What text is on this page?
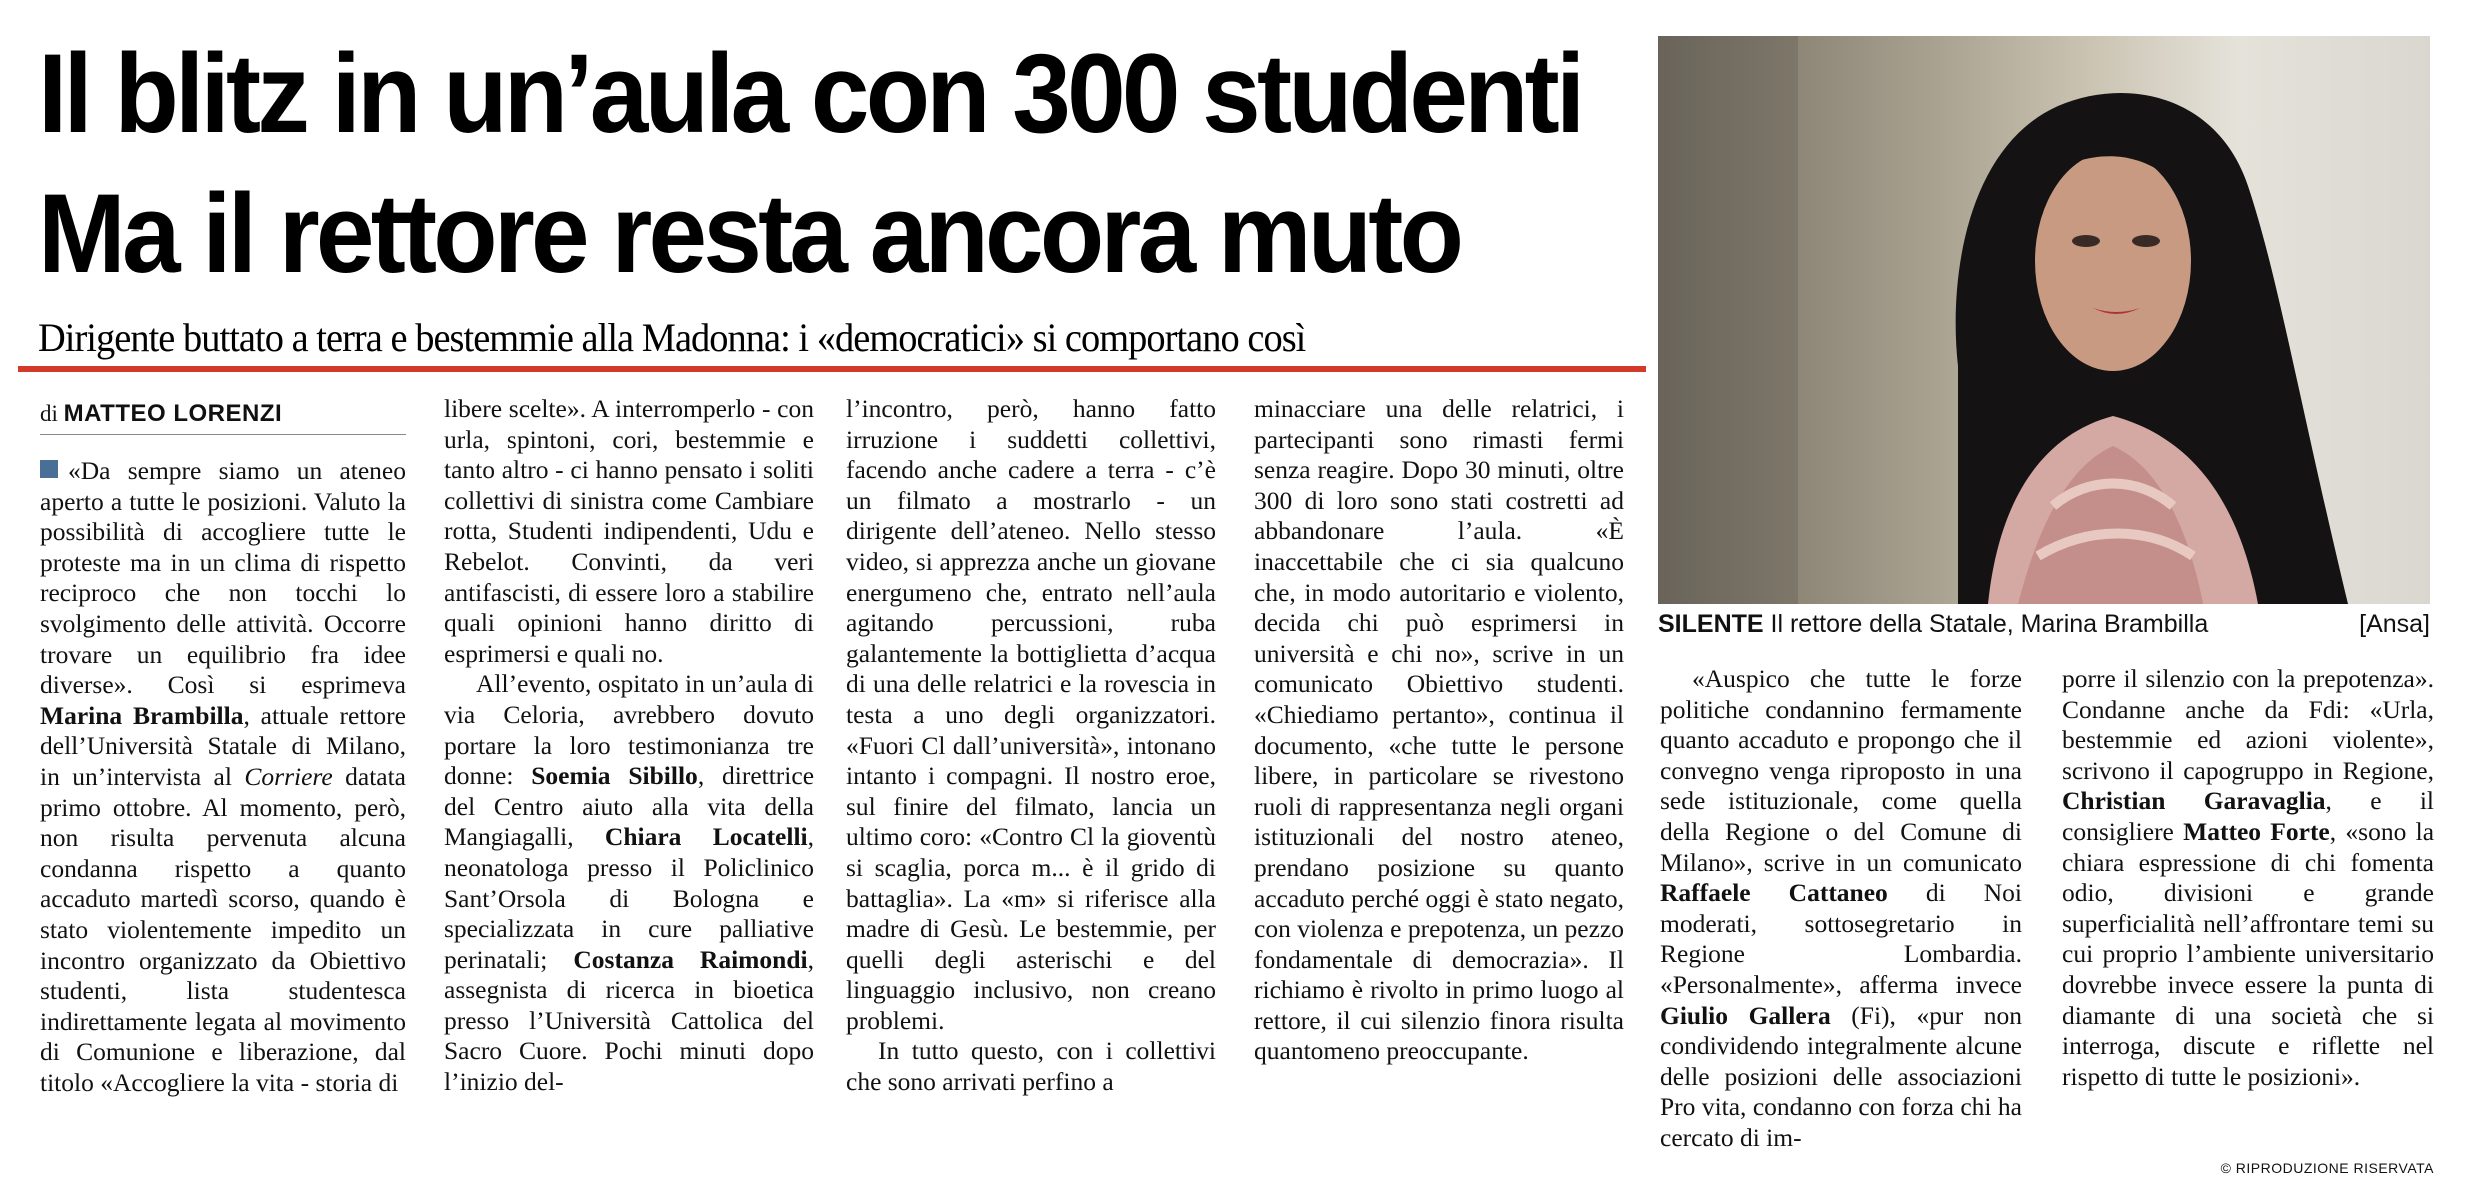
Il blitz in un’aula con 300 studenti
Ma il rettore resta ancora muto
Dirigente buttato a terra e bestemmie alla Madonna: i «democratici» si comportano così
di MATTEO LORENZI

«Da sempre siamo un ateneo aperto a tutte le posizioni. Valuto la possibilità di accogliere tutte le proteste ma in un clima di rispetto reciproco che non tocchi lo svolgimento delle attività. Occorre trovare un equilibrio fra idee diverse». Così si esprimeva Marina Brambilla, attuale rettore dell’Università Statale di Milano, in un’intervista al Corriere datata primo ottobre. Al momento, però, non risulta pervenuta alcuna condanna rispetto a quanto accaduto martedì scorso, quando è stato violentemente impedito un incontro organizzato da Obiettivo studenti, lista studentesca indirettamente legata al movimento di Comunione e liberazione, dal titolo «Accogliere la vita - storia di

libere scelte». A interromperlo - con urla, spintoni, cori, bestemmie e tanto altro - ci hanno pensato i soliti collettivi di sinistra come Cambiare rotta, Studenti indipendenti, Udu e Rebelot. Convinti, da veri antifascisti, di essere loro a stabilire quali opinioni hanno diritto di esprimersi e quali no.

All’evento, ospitato in un’aula di via Celoria, avrebbero dovuto portare la loro testimonianza tre donne: Soemia Sibillo, direttrice del Centro aiuto alla vita della Mangiagalli, Chiara Locatelli, neonatologa presso il Policlinico Sant’Orsola di Bologna e specializzata in cure palliative perinatali; Costanza Raimondi, assegnista di ricerca in bioetica presso l’Università Cattolica del Sacro Cuore. Pochi minuti dopo l’inizio del-

l’incontro, però, hanno fatto irruzione i suddetti collettivi, facendo anche cadere a terra - c’è un filmato a mostrarlo - un dirigente dell’ateneo. Nello stesso video, si apprezza anche un giovane energumeno che, entrato nell’aula agitando percussioni, ruba galantemente la bottiglietta d’acqua di una delle relatrici e la rovescia in testa a uno degli organizzatori. «Fuori Cl dall’università», intonano intanto i compagni. Il nostro eroe, sul finire del filmato, lancia un ultimo coro: «Contro Cl la gioventù si scaglia, porca m... è il grido di battaglia». La «m» si riferisce alla madre di Gesù. Le bestemmie, per quelli degli asterischi e del linguaggio inclusivo, non creano problemi.

In tutto questo, con i collettivi che sono arrivati perfino a

minacciare una delle relatrici, i partecipanti sono rimasti fermi senza reagire. Dopo 30 minuti, oltre 300 di loro sono stati costretti ad abbandonare l’aula. «È inaccettabile che ci sia qualcuno che, in modo autoritario e violento, decida chi può esprimersi in università e chi no», scrive in un comunicato Obiettivo studenti. «Chiediamo pertanto», continua il documento, «che tutte le persone libere, in particolare se rivestono ruoli di rappresentanza negli organi istituzionali del nostro ateneo, prendano posizione su quanto accaduto perché oggi è stato negato, con violenza e prepotenza, un pezzo fondamentale di democrazia». Il richiamo è rivolto in primo luogo al rettore, il cui silenzio finora risulta quantomeno preoccupante.

SILENTE Il rettore della Statale, Marina Brambilla	[Ansa]

«Auspico che tutte le forze politiche condannino fermamente quanto accaduto e propongo che il convegno venga riproposto in una sede istituzionale, come quella della Regione o del Comune di Milano», scrive in un comunicato Raffaele Cattaneo di Noi moderati, sottosegretario in Regione Lombardia. «Personalmente», afferma invece Giulio Gallera (Fi), «pur non condividendo integralmente alcune delle posizioni delle associazioni Pro vita, condanno con forza chi ha cercato di im-

porre il silenzio con la prepotenza». Condanne anche da Fdi: «Urla, bestemmie ed azioni violente», scrivono il capogruppo in Regione, Christian Garavaglia, e il consigliere Matteo Forte, «sono la chiara espressione di chi fomenta odio, divisioni e grande superficialità nell’affrontare temi su cui proprio l’ambiente universitario dovrebbe invece essere la punta di diamante di una società che si interroga, discute e riflette nel rispetto di tutte le posizioni».

© RIPRODUZIONE RISERVATA
